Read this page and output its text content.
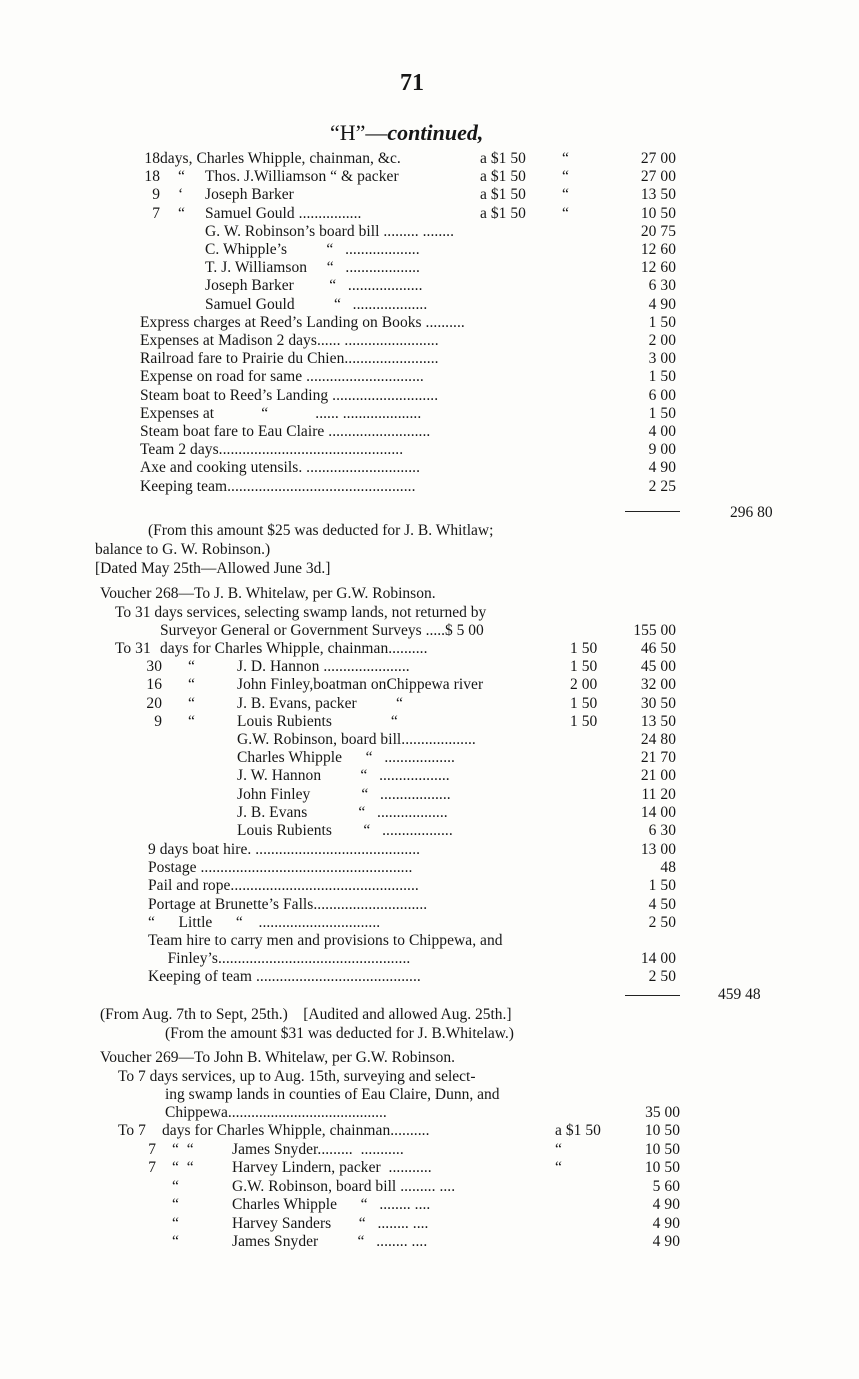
71
“H”—continued,
18 days, Charles Whipple, chainman, &c.	a $1 50 “	27 00
18 “ Thos. J.Williamson “ & packer	a $1 50 “	27 00
9 ‘ Joseph Barker	a $1 50 “	13 50
7 “ Samuel Gould ................	a $1 50 “	10 50
G. W. Robinson’s board bill ......... ........	20 75
C. Whipple’s          “   ...................	12 60
T. J. Williamson     “   ...................	12 60
Joseph Barker         “   ...................	6 30
Samuel Gould          “   ...................	4 90
Express charges at Reed’s Landing on Books ..........	1 50
Expenses at Madison 2 days...... ........................	2 00
Railroad fare to Prairie du Chien........................	3 00
Expense on road for same ..............................	1 50
Steam boat to Reed’s Landing ...........................	6 00
Expenses at            “            ...... ....................	1 50
Steam boat fare to Eau Claire ..........................	4 00
Team 2 days...............................................	9 00
Axe and cooking utensils. .............................	4 90
Keeping team................................................	2 25
296 80
(From this amount $25 was deducted for J. B. Whitlaw;
balance to G. W. Robinson.)
[Dated May 25th—Allowed June 3d.]
Voucher 268—To J. B. Whitelaw, per G.W. Robinson.
To 31 days services, selecting swamp lands, not returned by
Surveyor General or Government Surveys .....$ 5 00	155 00
To 31 days for Charles Whipple, chainman..........	1 50	46 50
30 “	J. D. Hannon ......................	1 50	45 00
16 “	John Finley,boatman onChippewa river	2 00	32 00
20 “	J. B. Evans, packer          “	1 50	30 50
9 “	Louis Rubients               “	1 50	13 50
G.W. Robinson, board bill...................	24 80
Charles Whipple      “   ..................	21 70
J. W. Hannon          “   ..................	21 00
John Finley             “   ..................	11 20
J. B. Evans             “   ..................	14 00
Louis Rubients        “   ..................	6 30
9 days boat hire. ..........................................	13 00
Postage ......................................................	48
Pail and rope................................................	1 50
Portage at Brunette’s Falls.............................	4 50
“      Little      “    ...............................	2 50
Team hire to carry men and provisions to Chippewa, and
Finley’s.................................................	14 00
Keeping of team ..........................................	2 50
459 48
(From Aug. 7th to Sept, 25th.)    [Audited and allowed Aug. 25th.]
(From the amount $31 was deducted for J. B.Whitelaw.)
Voucher 269—To John B. Whitelaw, per G.W. Robinson.
To 7 days services, up to Aug. 15th, surveying and select-
ing swamp lands in counties of Eau Claire, Dunn, and
Chippewa.........................................	35 00
To 7 days for Charles Whipple, chainman..........	a $1 50	10 50
7 “  “ James Snyder.........  ...........	“	10 50
7 “  “ Harvey Lindern, packer  ...........	“	10 50
“	G.W. Robinson, board bill ......... ....	5 60
“	Charles Whipple      “   ........ ....	4 90
“	Harvey Sanders       “   ........ ....	4 90
“	James Snyder          “   ........ ....	4 90
